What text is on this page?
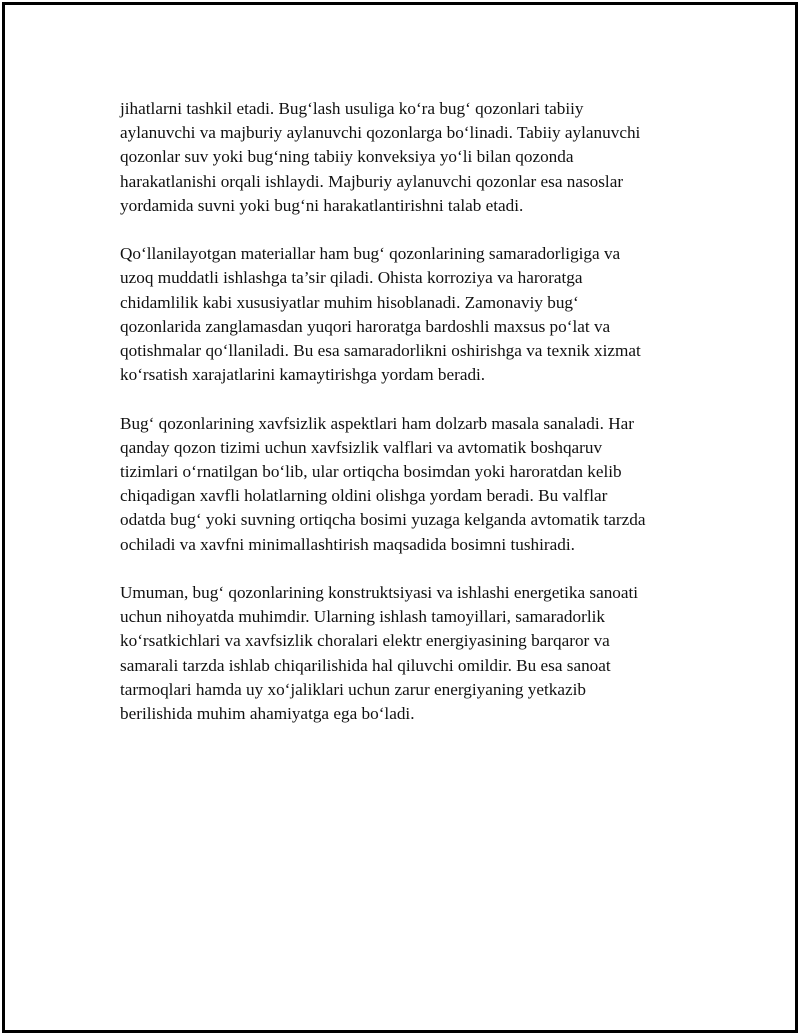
jihatlarni tashkil etadi. Bug‘lash usuliga ko‘ra bug‘ qozonlari tabiiy
aylanuvchi va majburiy aylanuvchi qozonlarga bo‘linadi. Tabiiy aylanuvchi
qozonlar suv yoki bug‘ning tabiiy konveksiya yo‘li bilan qozonda
harakatlanishi orqali ishlaydi. Majburiy aylanuvchi qozonlar esa nasoslar
yordamida suvni yoki bug‘ni harakatlantirishni talab etadi.

Qo‘llanilayotgan materiallar ham bug‘ qozonlarining samaradorligiga va
uzoq muddatli ishlashga ta’sir qiladi. Ohista korroziya va haroratga
chidamlilik kabi xususiyatlar muhim hisoblanadi. Zamonaviy bug‘
qozonlarida zanglamasdan yuqori haroratga bardoshli maxsus po‘lat va
qotishmalar qo‘llaniladi. Bu esa samaradorlikni oshirishga va texnik xizmat
ko‘rsatish xarajatlarini kamaytirishga yordam beradi.

Bug‘ qozonlarining xavfsizlik aspektlari ham dolzarb masala sanaladi. Har
qanday qozon tizimi uchun xavfsizlik valflari va avtomatik boshqaruv
tizimlari o‘rnatilgan bo‘lib, ular ortiqcha bosimdan yoki haroratdan kelib
chiqadigan xavfli holatlarning oldini olishga yordam beradi. Bu valflar
odatda bug‘ yoki suvning ortiqcha bosimi yuzaga kelganda avtomatik tarzda
ochiladi va xavfni minimallashtirish maqsadida bosimni tushiradi.

Umuman, bug‘ qozonlarining konstruktsiyasi va ishlashi energetika sanoati
uchun nihoyatda muhimdir. Ularning ishlash tamoyillari, samaradorlik
ko‘rsatkichlari va xavfsizlik choralari elektr energiyasining barqaror va
samarali tarzda ishlab chiqarilishida hal qiluvchi omildir. Bu esa sanoat
tarmoqlari hamda uy xo‘jaliklari uchun zarur energiyaning yetkazib
berilishida muhim ahamiyatga ega bo‘ladi.
